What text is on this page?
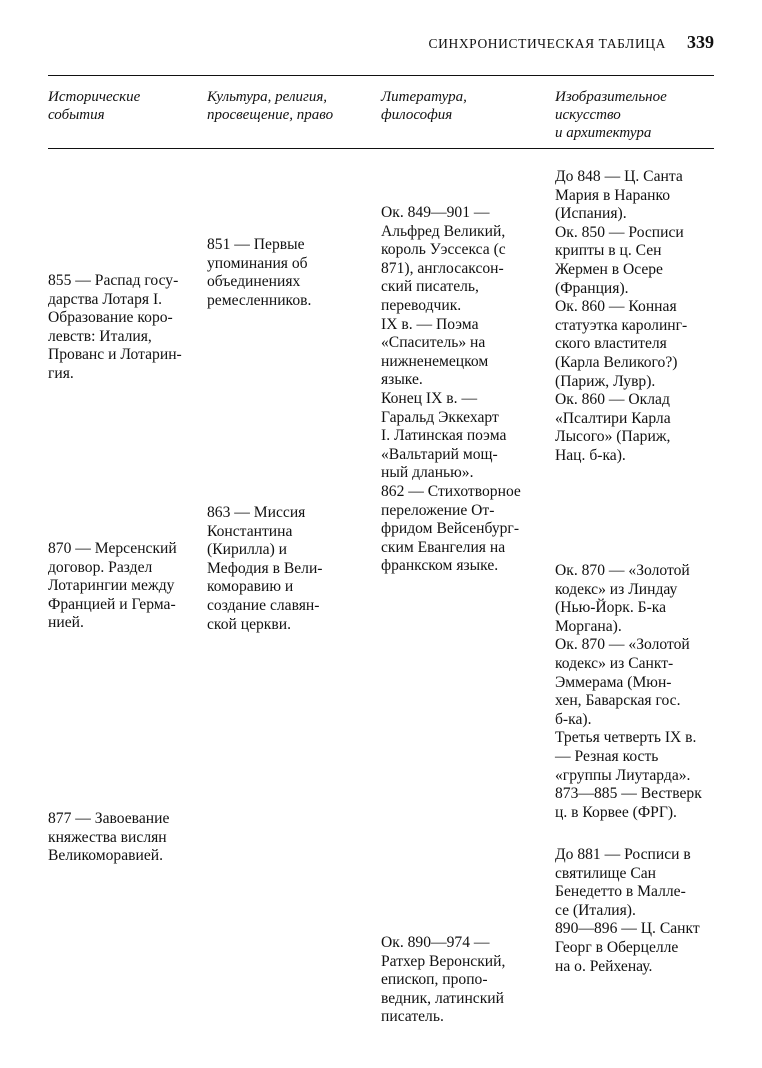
СИНХРОНИСТИЧЕСКАЯ ТАБЛИЦА 339
Исторические
события
Культура, религия,
просвещение, право
Литература,
философия
Изобразительное
искусство
и архитектура
855 — Распад госу-
дарства Лотаря I.
Образование коро-
левств: Италия,
Прованс и Лотарин-
гия.
870 — Мерсенский
договор. Раздел
Лотарингии между
Францией и Герма-
нией.
877 — Завоевание
княжества вислян
Великоморавией.
851 — Первые
упоминания об
объединениях
ремесленников.
863 — Миссия
Константина
(Кирилла) и
Мефодия в Вели-
коморавию и
создание славян-
ской церкви.
Ок. 849—901 —
Альфред Великий,
король Уэссекса (с
871), англосаксон-
ский писатель,
переводчик.
IX в. — Поэма
«Спаситель» на
нижненемецком
языке.
Конец IX в. —
Гаральд Эккехарт
I. Латинская поэма
«Вальтарий мощ-
ный дланью».
862 — Стихотворное
переложение От-
фридом Вейсенбург-
ским Евангелия на
франкском языке.
Ок. 890—974 —
Ратхер Веронский,
епископ, пропо-
ведник, латинский
писатель.
До 848 — Ц. Санта
Мария в Наранко
(Испания).
Ок. 850 — Росписи
крипты в ц. Сен
Жермен в Осере
(Франция).
Ок. 860 — Конная
статуэтка каролинг-
ского властителя
(Карла Великого?)
(Париж, Лувр).
Ок. 860 — Оклад
«Псалтири Карла
Лысого» (Париж,
Нац. б-ка).
Ок. 870 — «Золотой
кодекс» из Линдау
(Нью-Йорк. Б-ка
Моргана).
Ок. 870 — «Золотой
кодекс» из Санкт-
Эммерама (Мюн-
хен, Баварская гос.
б-ка).
Третья четверть IX в.
— Резная кость
«группы Лиутарда».
873—885 — Вестверк
ц. в Корвее (ФРГ).
До 881 — Росписи в
святилище Сан
Бенедетто в Малле-
се (Италия).
890—896 — Ц. Санкт
Георг в Оберцелле
на о. Рейхенау.
